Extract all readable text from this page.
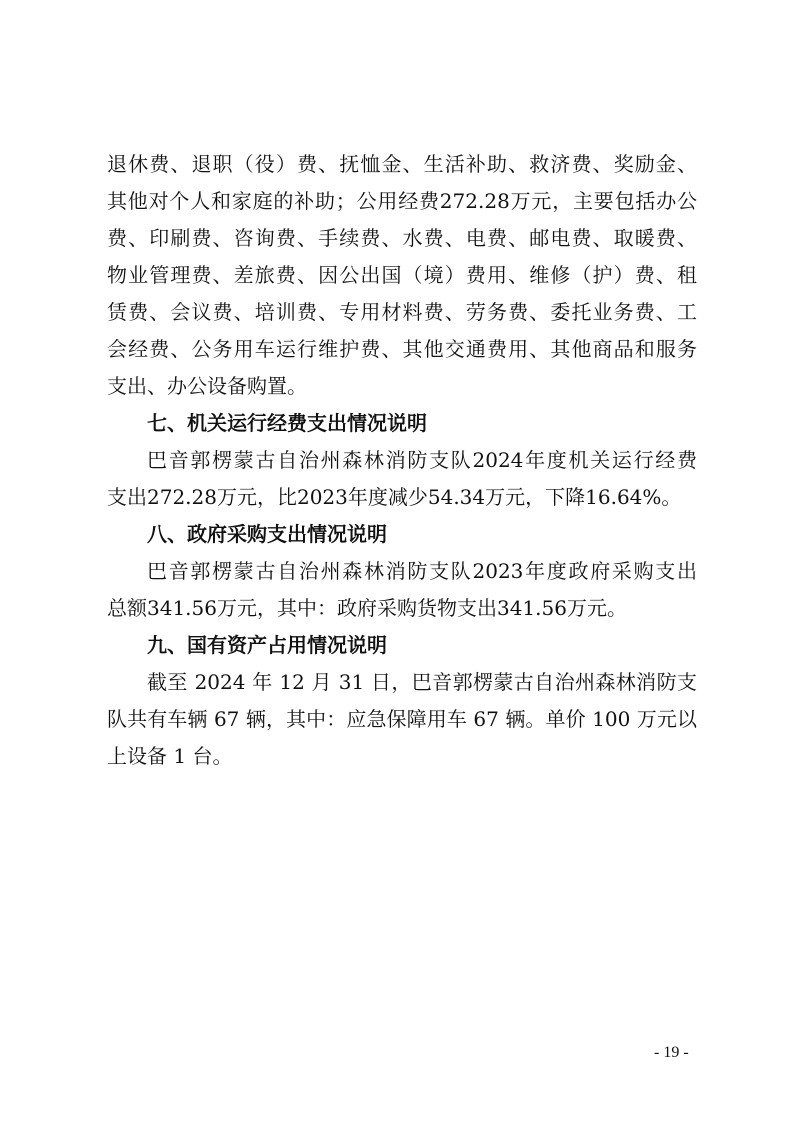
退休费、退职（役）费、抚恤金、生活补助、救济费、奖励金、
其他对个人和家庭的补助；公用经费272.28万元，主要包括办公
费、印刷费、咨询费、手续费、水费、电费、邮电费、取暖费、
物业管理费、差旅费、因公出国（境）费用、维修（护）费、租
赁费、会议费、培训费、专用材料费、劳务费、委托业务费、工
会经费、公务用车运行维护费、其他交通费用、其他商品和服务
支出、办公设备购置。
七、机关运行经费支出情况说明
巴音郭楞蒙古自治州森林消防支队2024年度机关运行经费
支出272.28万元，比2023年度减少54.34万元，下降16.64%。
八、政府采购支出情况说明
巴音郭楞蒙古自治州森林消防支队2023年度政府采购支出
总额341.56万元，其中：政府采购货物支出341.56万元。
九、国有资产占用情况说明
截至 2024 年 12 月 31 日，巴音郭楞蒙古自治州森林消防支
队共有车辆 67 辆，其中：应急保障用车 67 辆。单价 100 万元以
上设备 1 台。
- 19 -
